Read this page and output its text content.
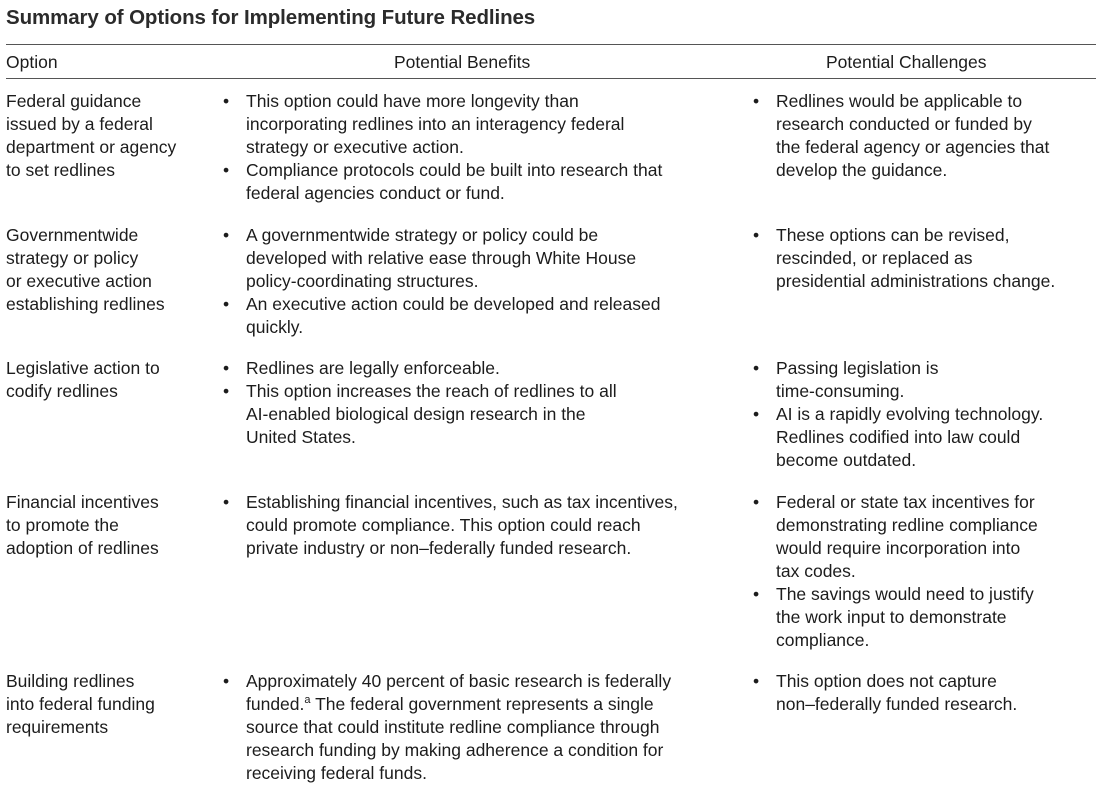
Summary of Options for Implementing Future Redlines
Option	Potential Benefits	Potential Challenges
Federal guidance
issued by a federal
department or agency
to set redlines
• This option could have more longevity than
incorporating redlines into an interagency federal
strategy or executive action.
• Compliance protocols could be built into research that
federal agencies conduct or fund.
• Redlines would be applicable to
research conducted or funded by
the federal agency or agencies that
develop the guidance.
Governmentwide
strategy or policy
or executive action
establishing redlines
• A governmentwide strategy or policy could be
developed with relative ease through White House
policy-coordinating structures.
• An executive action could be developed and released
quickly.
• These options can be revised,
rescinded, or replaced as
presidential administrations change.
Legislative action to
codify redlines
• Redlines are legally enforceable.
• This option increases the reach of redlines to all
AI-enabled biological design research in the
United States.
• Passing legislation is
time-consuming.
• AI is a rapidly evolving technology.
Redlines codified into law could
become outdated.
Financial incentives
to promote the
adoption of redlines
• Establishing financial incentives, such as tax incentives,
could promote compliance. This option could reach
private industry or non–federally funded research.
• Federal or state tax incentives for
demonstrating redline compliance
would require incorporation into
tax codes.
• The savings would need to justify
the work input to demonstrate
compliance.
Building redlines
into federal funding
requirements
• Approximately 40 percent of basic research is federally
funded.$^a$ The federal government represents a single
source that could institute redline compliance through
research funding by making adherence a condition for
receiving federal funds.
• This option does not capture
non–federally funded research.
